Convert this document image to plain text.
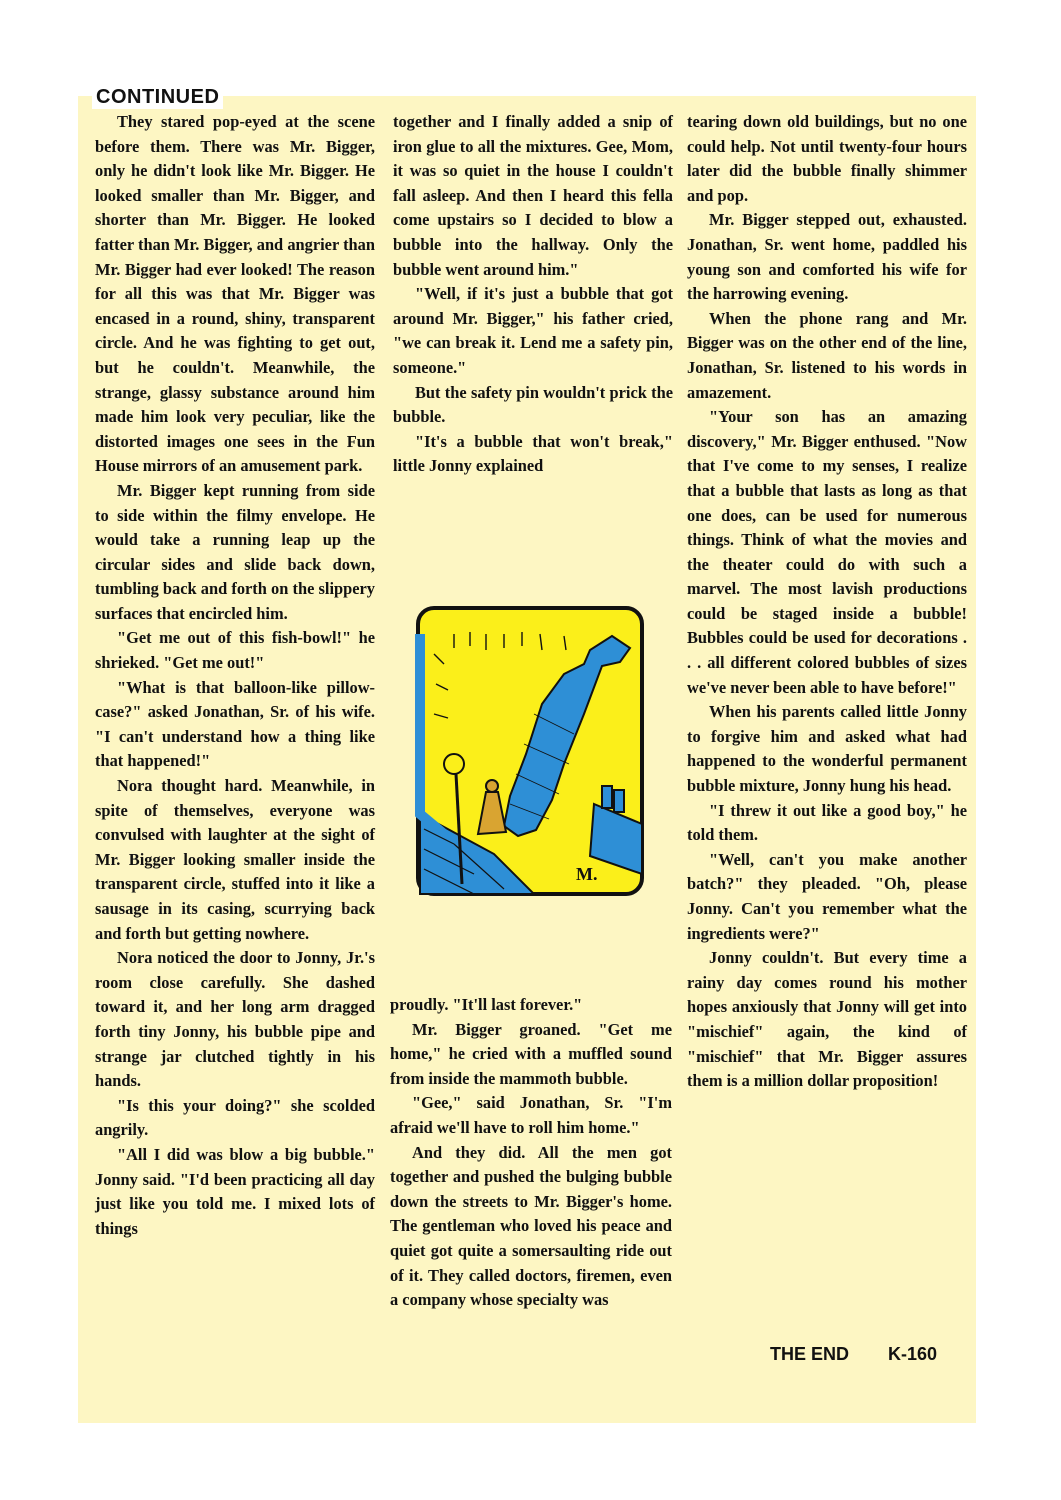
CONTINUED

They stared pop-eyed at the scene before them. There was Mr. Bigger, only he didn't look like Mr. Bigger. He looked smaller than Mr. Bigger, and shorter than Mr. Bigger. He looked fatter than Mr. Bigger, and angrier than Mr. Bigger had ever looked! The reason for all this was that Mr. Bigger was encased in a round, shiny, transparent circle. And he was fighting to get out, but he couldn't. Meanwhile, the strange, glassy substance around him made him look very peculiar, like the distorted images one sees in the Fun House mirrors of an amusement park.

Mr. Bigger kept running from side to side within the filmy envelope. He would take a running leap up the circular sides and slide back down, tumbling back and forth on the slippery surfaces that encircled him.

"Get me out of this fish-bowl!" he shrieked. "Get me out!"

"What is that balloon-like pillow-case?" asked Jonathan, Sr. of his wife. "I can't understand how a thing like that happened!"

Nora thought hard. Meanwhile, in spite of themselves, everyone was convulsed with laughter at the sight of Mr. Bigger looking smaller inside the transparent circle, stuffed into it like a sausage in its casing, scurrying back and forth but getting nowhere.

Nora noticed the door to Jonny, Jr.'s room close carefully. She dashed toward it, and her long arm dragged forth tiny Jonny, his bubble pipe and strange jar clutched tightly in his hands.

"Is this your doing?" she scolded angrily.

"All I did was blow a big bubble." Jonny said. "I'd been practicing all day just like you told me. I mixed lots of things

together and I finally added a snip of iron glue to all the mixtures. Gee, Mom, it was so quiet in the house I couldn't fall asleep. And then I heard this fella come upstairs so I decided to blow a bubble into the hallway. Only the bubble went around him."

"Well, if it's just a bubble that got around Mr. Bigger," his father cried, "we can break it. Lend me a safety pin, someone."

But the safety pin wouldn't prick the bubble.

"It's a bubble that won't break," little Jonny explained

M.

proudly. "It'll last forever."

Mr. Bigger groaned. "Get me home," he cried with a muffled sound from inside the mammoth bubble.

"Gee," said Jonathan, Sr. "I'm afraid we'll have to roll him home."

And they did. All the men got together and pushed the bulging bubble down the streets to Mr. Bigger's home. The gentleman who loved his peace and quiet got quite a somersaulting ride out of it. They called doctors, firemen, even a company whose specialty was

tearing down old buildings, but no one could help. Not until twenty-four hours later did the bubble finally shimmer and pop.

Mr. Bigger stepped out, exhausted. Jonathan, Sr. went home, paddled his young son and comforted his wife for the harrowing evening.

When the phone rang and Mr. Bigger was on the other end of the line, Jonathan, Sr. listened to his words in amazement.

"Your son has an amazing discovery," Mr. Bigger enthused. "Now that I've come to my senses, I realize that a bubble that lasts as long as that one does, can be used for numerous things. Think of what the movies and the theater could do with such a marvel. The most lavish productions could be staged inside a bubble! Bubbles could be used for decorations . . . all different colored bubbles of sizes we've never been able to have before!"

When his parents called little Jonny to forgive him and asked what had happened to the wonderful permanent bubble mixture, Jonny hung his head.

"I threw it out like a good boy," he told them.

"Well, can't you make another batch?" they pleaded. "Oh, please Jonny. Can't you remember what the ingredients were?"

Jonny couldn't. But every time a rainy day comes round his mother hopes anxiously that Jonny will get into "mischief" again, the kind of "mischief" that Mr. Bigger assures them is a million dollar proposition!

THE END K-160
